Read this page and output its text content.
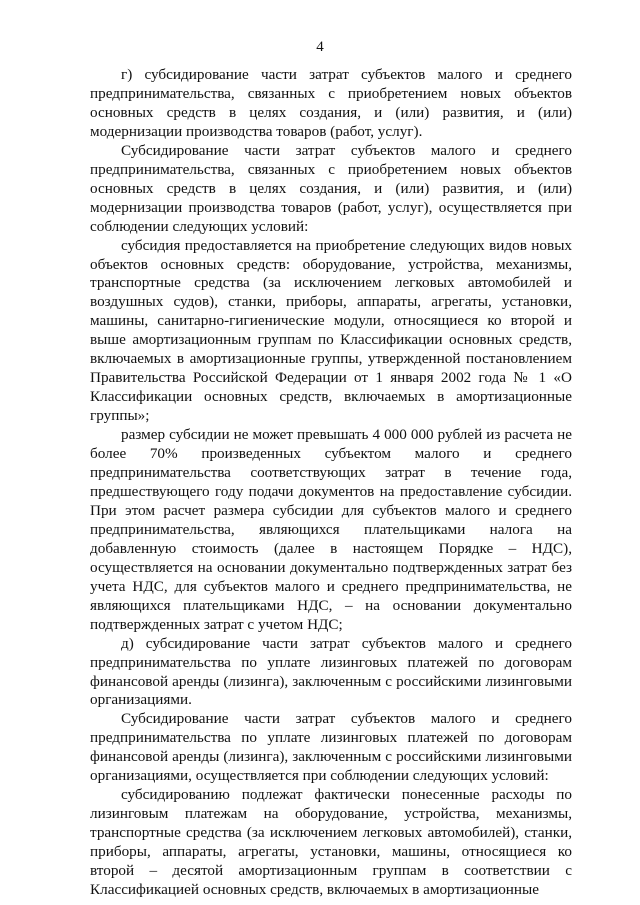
4

г) субсидирование части затрат субъектов малого и среднего предпринимательства, связанных с приобретением новых объектов основных средств в целях создания, и (или) развития, и (или) модернизации производства товаров (работ, услуг).

Субсидирование части затрат субъектов малого и среднего предпринимательства, связанных с приобретением новых объектов основных средств в целях создания, и (или) развития, и (или) модернизации производства товаров (работ, услуг), осуществляется при соблюдении следующих условий:

субсидия предоставляется на приобретение следующих видов новых объектов основных средств: оборудование, устройства, механизмы, транспортные средства (за исключением легковых автомобилей и воздушных судов), станки, приборы, аппараты, агрегаты, установки, машины, санитарно-гигиенические модули, относящиеся ко второй и выше амортизационным группам по Классификации основных средств, включаемых в амортизационные группы, утвержденной постановлением Правительства Российской Федерации от 1 января 2002 года № 1 «О Классификации основных средств, включаемых в амортизационные группы»;

размер субсидии не может превышать 4 000 000 рублей из расчета не более 70% произведенных субъектом малого и среднего предпринимательства соответствующих затрат в течение года, предшествующего году подачи документов на предоставление субсидии. При этом расчет размера субсидии для субъектов малого и среднего предпринимательства, являющихся плательщиками налога на добавленную стоимость (далее в настоящем Порядке – НДС), осуществляется на основании документально подтвержденных затрат без учета НДС, для субъектов малого и среднего предпринимательства, не являющихся плательщиками НДС, – на основании документально подтвержденных затрат с учетом НДС;

д) субсидирование части затрат субъектов малого и среднего предпринимательства по уплате лизинговых платежей по договорам финансовой аренды (лизинга), заключенным с российскими лизинговыми организациями.

Субсидирование части затрат субъектов малого и среднего предпринимательства по уплате лизинговых платежей по договорам финансовой аренды (лизинга), заключенным с российскими лизинговыми организациями, осуществляется при соблюдении следующих условий:

субсидированию подлежат фактически понесенные расходы по лизинговым платежам на оборудование, устройства, механизмы, транспортные средства (за исключением легковых автомобилей), станки, приборы, аппараты, агрегаты, установки, машины, относящиеся ко второй – десятой амортизационным группам в соответствии с Классификацией основных средств, включаемых в амортизационные
